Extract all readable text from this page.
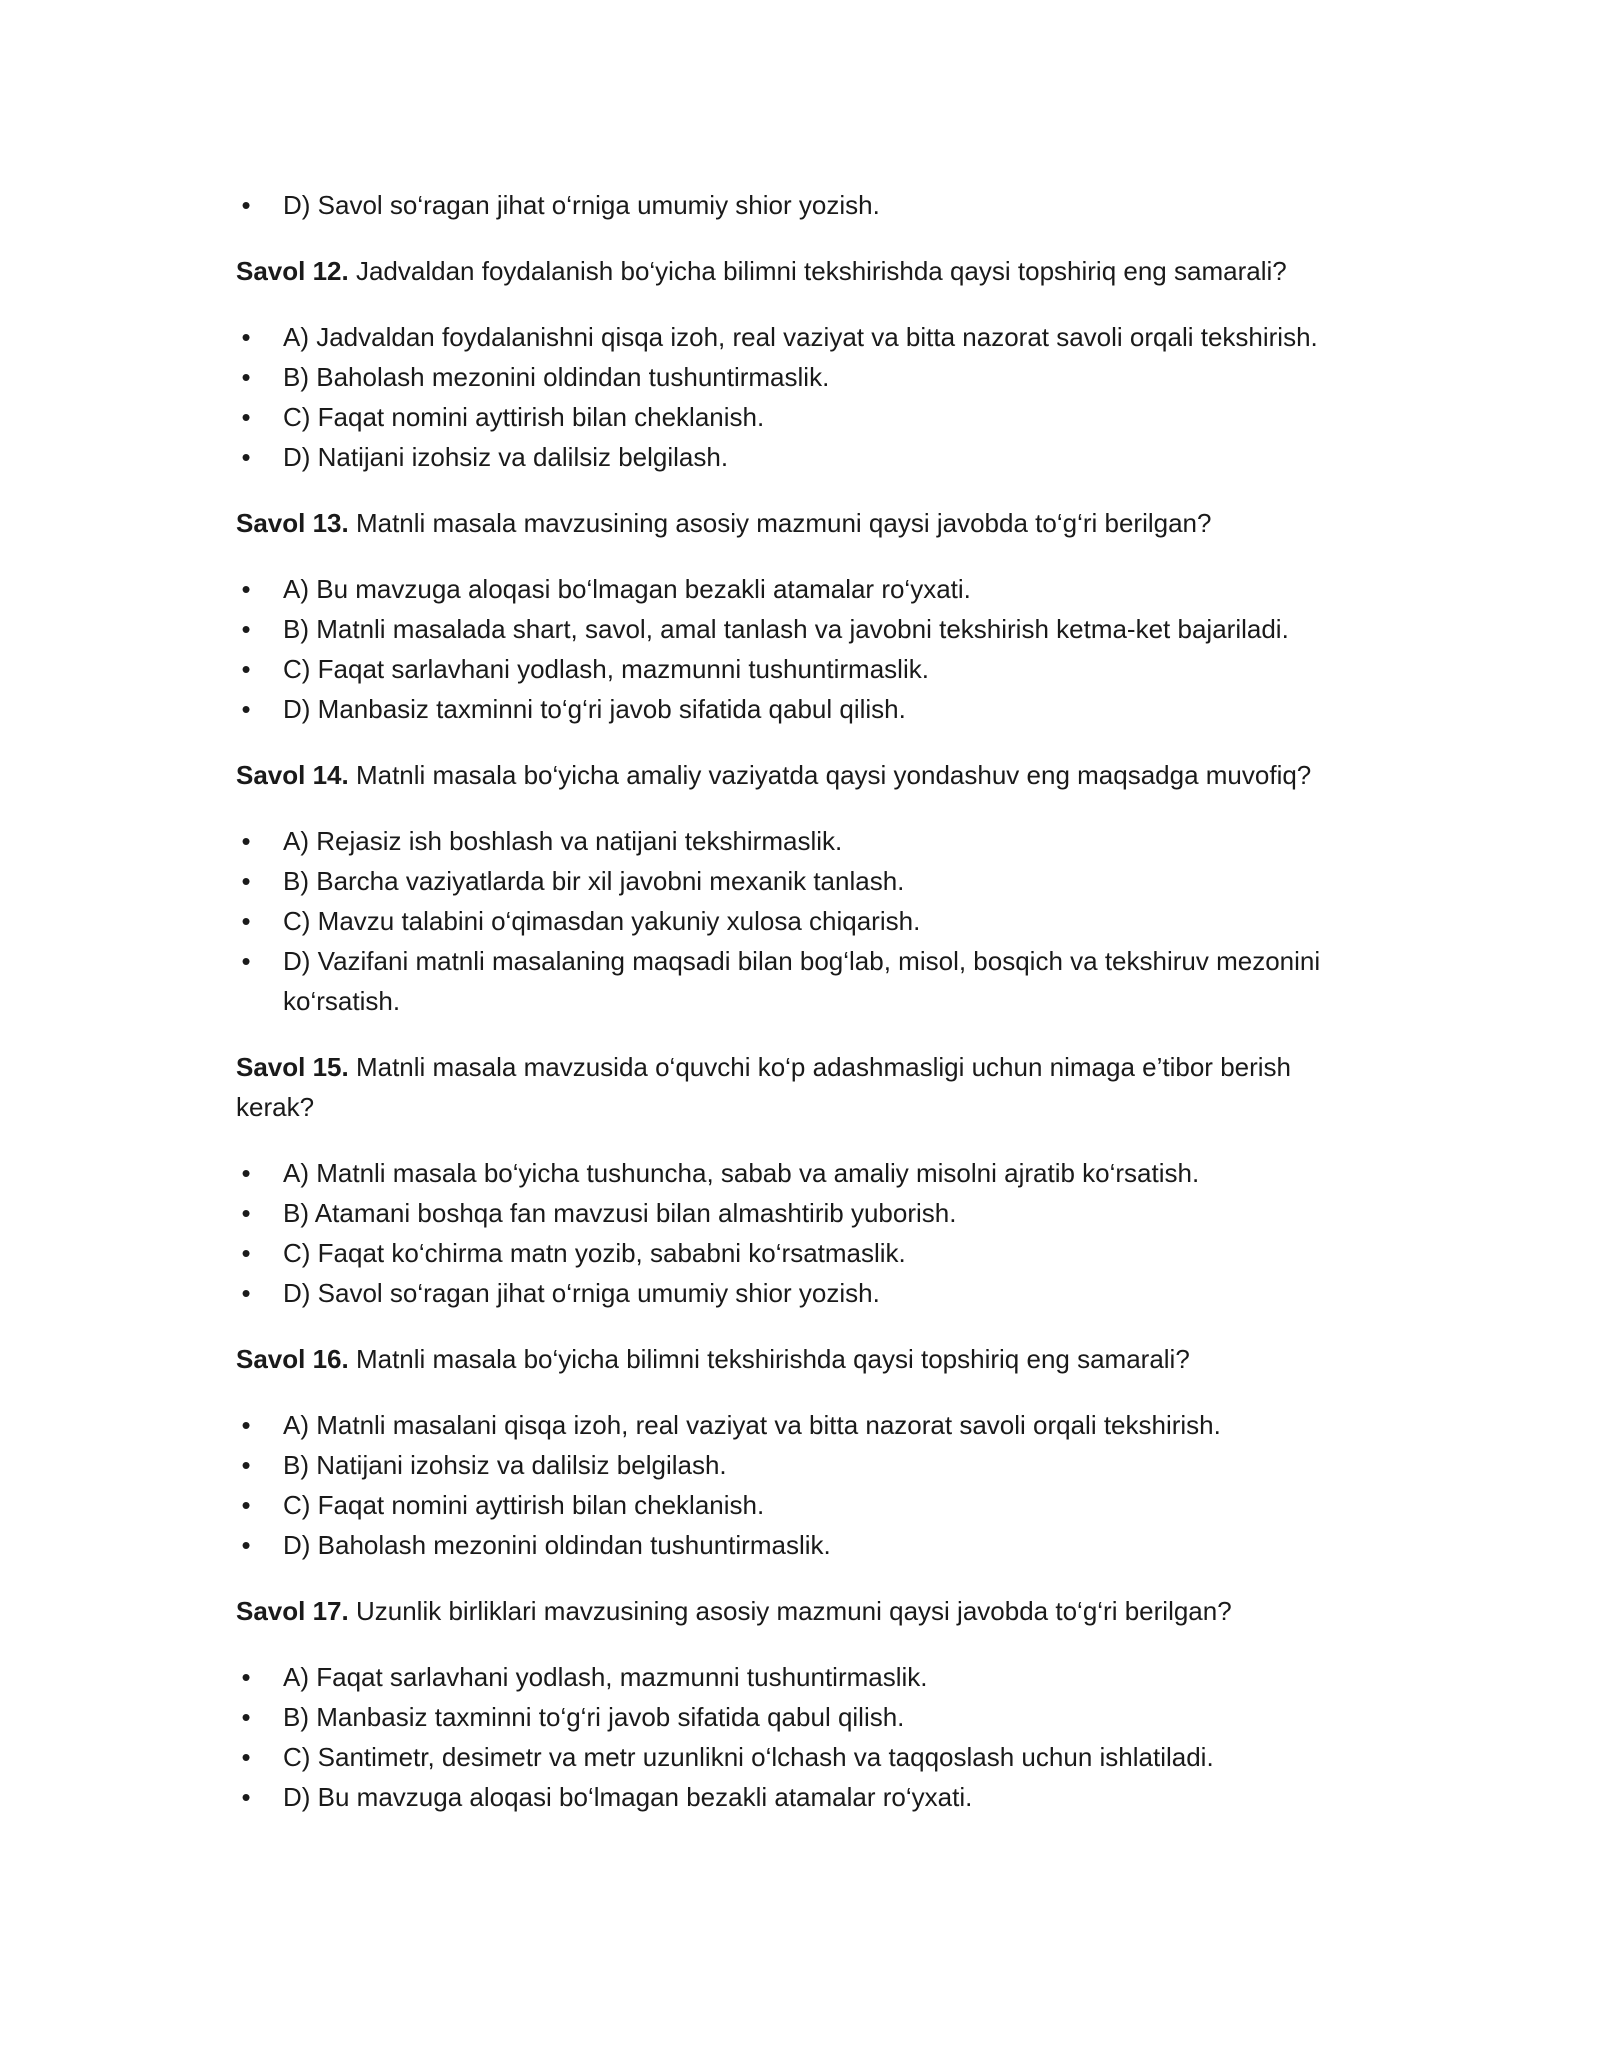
• D) Savol so‘ragan jihat o‘rniga umumiy shior yozish.

Savol 12. Jadvaldan foydalanish bo‘yicha bilimni tekshirishda qaysi topshiriq eng samarali?

• A) Jadvaldan foydalanishni qisqa izoh, real vaziyat va bitta nazorat savoli orqali tekshirish.
• B) Baholash mezonini oldindan tushuntirmaslik.
• C) Faqat nomini ayttirish bilan cheklanish.
• D) Natijani izohsiz va dalilsiz belgilash.

Savol 13. Matnli masala mavzusining asosiy mazmuni qaysi javobda to‘g‘ri berilgan?

• A) Bu mavzuga aloqasi bo‘lmagan bezakli atamalar ro‘yxati.
• B) Matnli masalada shart, savol, amal tanlash va javobni tekshirish ketma-ket bajariladi.
• C) Faqat sarlavhani yodlash, mazmunni tushuntirmaslik.
• D) Manbasiz taxminni to‘g‘ri javob sifatida qabul qilish.

Savol 14. Matnli masala bo‘yicha amaliy vaziyatda qaysi yondashuv eng maqsadga muvofiq?

• A) Rejasiz ish boshlash va natijani tekshirmaslik.
• B) Barcha vaziyatlarda bir xil javobni mexanik tanlash.
• C) Mavzu talabini o‘qimasdan yakuniy xulosa chiqarish.
• D) Vazifani matnli masalaning maqsadi bilan bog‘lab, misol, bosqich va tekshiruv mezonini ko‘rsatish.

Savol 15. Matnli masala mavzusida o‘quvchi ko‘p adashmasligi uchun nimaga e’tibor berish kerak?

• A) Matnli masala bo‘yicha tushuncha, sabab va amaliy misolni ajratib ko‘rsatish.
• B) Atamani boshqa fan mavzusi bilan almashtirib yuborish.
• C) Faqat ko‘chirma matn yozib, sababni ko‘rsatmaslik.
• D) Savol so‘ragan jihat o‘rniga umumiy shior yozish.

Savol 16. Matnli masala bo‘yicha bilimni tekshirishda qaysi topshiriq eng samarali?

• A) Matnli masalani qisqa izoh, real vaziyat va bitta nazorat savoli orqali tekshirish.
• B) Natijani izohsiz va dalilsiz belgilash.
• C) Faqat nomini ayttirish bilan cheklanish.
• D) Baholash mezonini oldindan tushuntirmaslik.

Savol 17. Uzunlik birliklari mavzusining asosiy mazmuni qaysi javobda to‘g‘ri berilgan?

• A) Faqat sarlavhani yodlash, mazmunni tushuntirmaslik.
• B) Manbasiz taxminni to‘g‘ri javob sifatida qabul qilish.
• C) Santimetr, desimetr va metr uzunlikni o‘lchash va taqqoslash uchun ishlatiladi.
• D) Bu mavzuga aloqasi bo‘lmagan bezakli atamalar ro‘yxati.
